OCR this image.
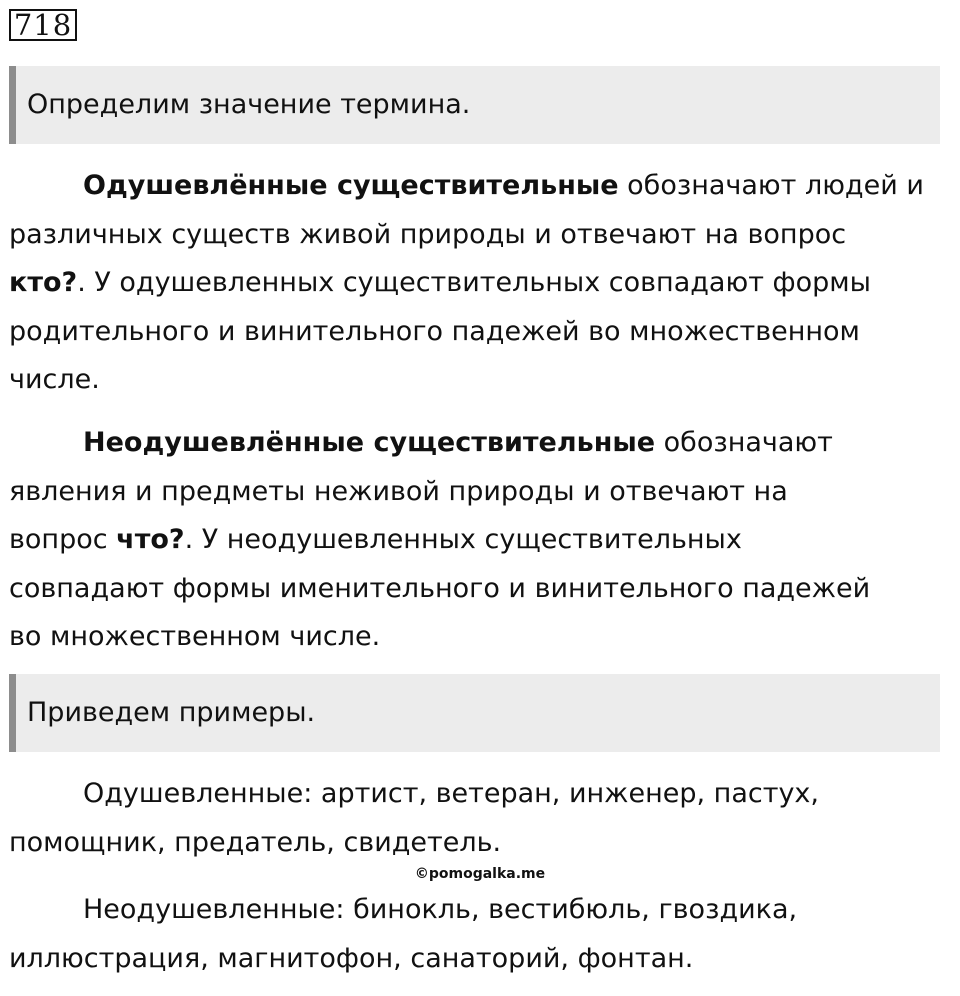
718
Определим значение термина.
Одушевлённые существительные обозначают людей и
различных существ живой природы и отвечают на вопрос
кто?. У одушевленных существительных совпадают формы
родительного и винительного падежей во множественном
числе.
Неодушевлённые существительные обозначают
явления и предметы неживой природы и отвечают на
вопрос что?. У неодушевленных существительных
совпадают формы именительного и винительного падежей
во множественном числе.
Приведем примеры.
Одушевленные: артист, ветеран, инженер, пастух,
помощник, предатель, свидетель.
©pomogalka.me
Неодушевленные: бинокль, вестибюль, гвоздика,
иллюстрация, магнитофон, санаторий, фонтан.
